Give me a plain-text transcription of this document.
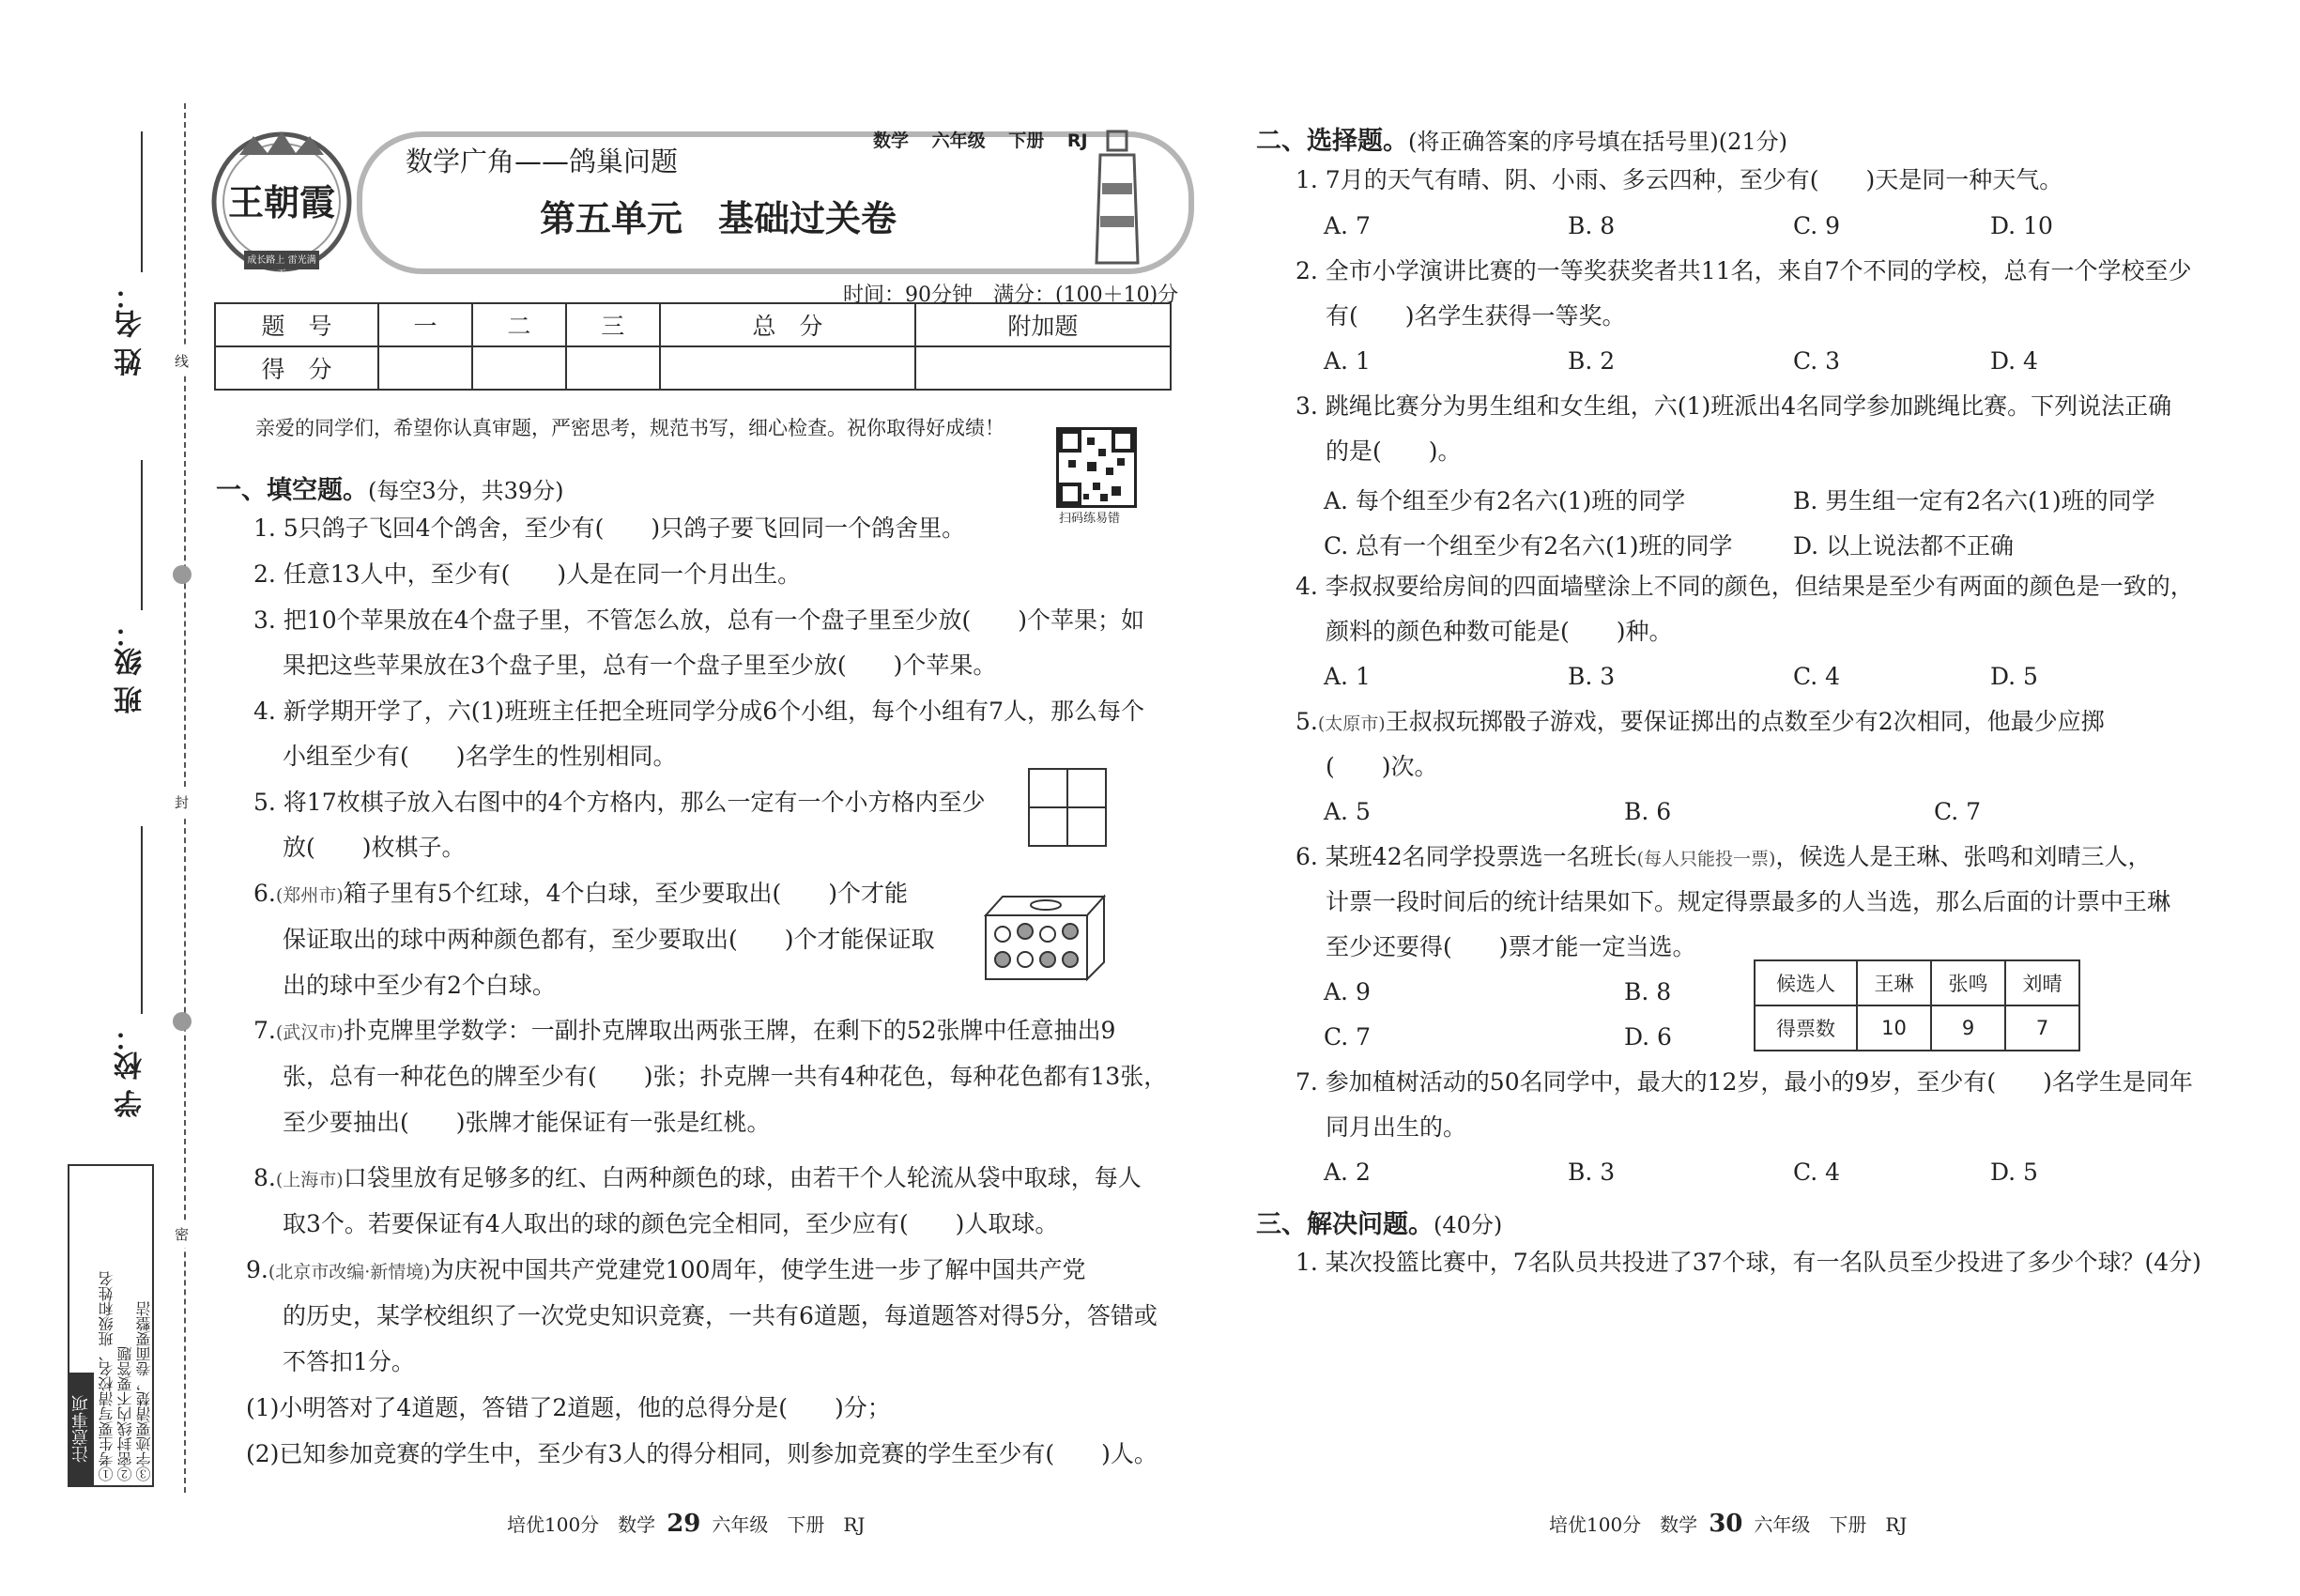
姓 名：
班 级：
学 校：
注意事项 ①考生要写清校名、班级和姓名 ②密封线内不要答题 ③字迹要清楚，卷面要整洁
线
封
密
王朝霞
成长路上 雷光满天
数学广角——鸽巢问题
数学 六年级 下册 RJ
第五单元　基础过关卷
时间：90分钟　满分：(100＋10)分
题　号	一	二	三	总　分	附加题
得　分					
亲爱的同学们，希望你认真审题，严密思考，规范书写，细心检查。祝你取得好成绩！
扫码练易错
一、填空题。(每空3分，共39分)
1. 5只鸽子飞回4个鸽舍，至少有(　　)只鸽子要飞回同一个鸽舍里。
2. 任意13人中，至少有(　　)人是在同一个月出生。
3. 把10个苹果放在4个盘子里，不管怎么放，总有一个盘子里至少放(　　)个苹果；如
果把这些苹果放在3个盘子里，总有一个盘子里至少放(　　)个苹果。
4. 新学期开学了，六(1)班班主任把全班同学分成6个小组，每个小组有7人，那么每个
小组至少有(　　)名学生的性别相同。
5. 将17枚棋子放入右图中的4个方格内，那么一定有一个小方格内至少
放(　　)枚棋子。
6.(郑州市)箱子里有5个红球，4个白球，至少要取出(　　)个才能
保证取出的球中两种颜色都有，至少要取出(　　)个才能保证取
出的球中至少有2个白球。
7.(武汉市)扑克牌里学数学：一副扑克牌取出两张王牌，在剩下的52张牌中任意抽出9
张，总有一种花色的牌至少有(　　)张；扑克牌一共有4种花色，每种花色都有13张，
至少要抽出(　　)张牌才能保证有一张是红桃。
8.(上海市)口袋里放有足够多的红、白两种颜色的球，由若干个人轮流从袋中取球，每人
取3个。若要保证有4人取出的球的颜色完全相同，至少应有(　　)人取球。
9.(北京市改编·新情境)为庆祝中国共产党建党100周年，使学生进一步了解中国共产党
的历史，某学校组织了一次党史知识竞赛，一共有6道题，每道题答对得5分，答错或
不答扣1分。
(1)小明答对了4道题，答错了2道题，他的总得分是(　　)分；
(2)已知参加竞赛的学生中，至少有3人的得分相同，则参加竞赛的学生至少有(　　)人。
培优100分　数学 29 六年级　下册　RJ
二、选择题。(将正确答案的序号填在括号里)(21分)
1. 7月的天气有晴、阴、小雨、多云四种，至少有(　　)天是同一种天气。
A. 7	B. 8	C. 9	D. 10
2. 全市小学演讲比赛的一等奖获奖者共11名，来自7个不同的学校，总有一个学校至少
有(　　)名学生获得一等奖。
A. 1	B. 2	C. 3	D. 4
3. 跳绳比赛分为男生组和女生组，六(1)班派出4名同学参加跳绳比赛。下列说法正确
的是(　　)。
A. 每个组至少有2名六(1)班的同学	B. 男生组一定有2名六(1)班的同学
C. 总有一个组至少有2名六(1)班的同学	D. 以上说法都不正确
4. 李叔叔要给房间的四面墙壁涂上不同的颜色，但结果是至少有两面的颜色是一致的，
颜料的颜色种数可能是(　　)种。
A. 1	B. 3	C. 4	D. 5
5.(太原市)王叔叔玩掷骰子游戏，要保证掷出的点数至少有2次相同，他最少应掷
(　　)次。
A. 5	B. 6	C. 7
6. 某班42名同学投票选一名班长(每人只能投一票)，候选人是王琳、张鸣和刘晴三人，
计票一段时间后的统计结果如下。规定得票最多的人当选，那么后面的计票中王琳
至少还要得(　　)票才能一定当选。
A. 9	B. 8
C. 7	D. 6
候选人	王琳	张鸣	刘晴
得票数	10	9	7
7. 参加植树活动的50名同学中，最大的12岁，最小的9岁，至少有(　　)名学生是同年
同月出生的。
A. 2	B. 3	C. 4	D. 5
三、解决问题。(40分)
1. 某次投篮比赛中，7名队员共投进了37个球，有一名队员至少投进了多少个球？(4分)
培优100分　数学 30 六年级　下册　RJ
